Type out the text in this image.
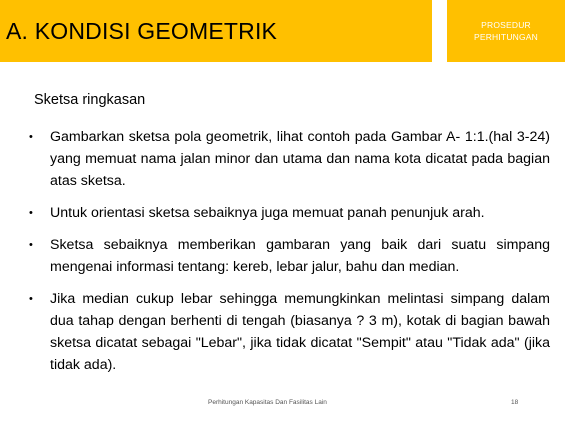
A. KONDISI GEOMETRIK	PROSEDUR
PERHITUNGAN
Sketsa ringkasan
•	Gambarkan sketsa pola geometrik, lihat contoh pada Gambar A- 1:1.(hal 3-24) yang memuat nama jalan minor dan utama dan nama kota dicatat pada bagian atas sketsa.
•	Untuk orientasi sketsa sebaiknya juga memuat panah penunjuk arah.
•	Sketsa sebaiknya memberikan gambaran yang baik dari suatu simpang mengenai informasi tentang: kereb, lebar jalur, bahu dan median.
•	Jika median cukup lebar sehingga memungkinkan melintasi simpang dalam dua tahap dengan berhenti di tengah (biasanya ? 3 m), kotak di bagian bawah sketsa dicatat sebagai "Lebar", jika tidak dicatat "Sempit" atau "Tidak ada" (jika tidak ada).
Perhitungan Kapasitas Dan Fasilitas Lain	18
